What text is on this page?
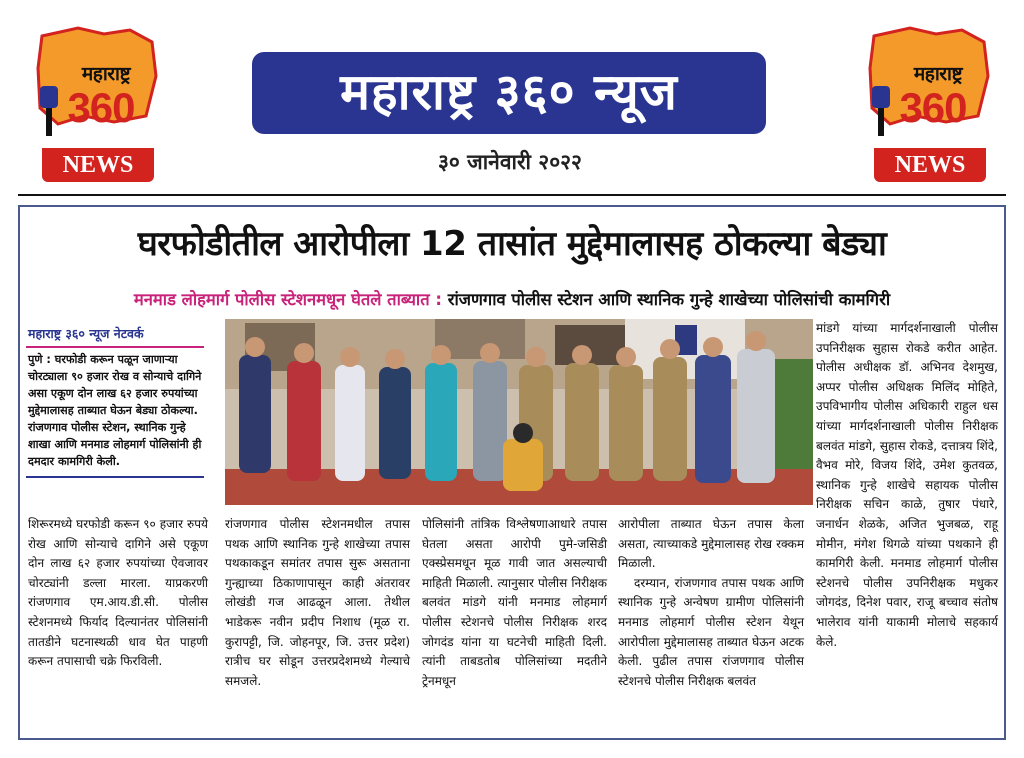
महाराष्ट्र
360
NEWS
महाराष्ट्र
360
NEWS
महाराष्ट्र ३६० न्यूज
३० जानेवारी २०२२
घरफोडीतील आरोपीला 12 तासांत मुद्देमालासह ठोकल्या बेड्या
मनमाड लोहमार्ग पोलीस स्टेशनमधून घेतले ताब्यात : रांजणगाव पोलीस स्टेशन आणि स्थानिक गुन्हे शाखेच्या पोलिसांची कामगिरी
महाराष्ट्र ३६० न्यूज नेटवर्क
पुणे : घरफोडी करून पळून जाणाऱ्या चोरट्याला ९० हजार रोख व सोन्याचे दागिने असा एकूण दोन लाख ६२ हजार रुपयांच्या मुद्देमालासह ताब्यात घेऊन बेड्या ठोकल्या. रांजणगाव पोलीस स्टेशन, स्थानिक गुन्हे शाखा आणि मनमाड लोहमार्ग पोलिसांनी ही दमदार कामगिरी केली.

शिरूरमध्ये घरफोडी करून ९० हजार रुपये रोख आणि सोन्याचे दागिने असे एकूण दोन लाख ६२ हजार रुपयांच्या ऐवजावर चोरट्यांनी डल्ला मारला. याप्रकरणी रांजणगाव एम.आय.डी.सी. पोलीस स्टेशनमध्ये फिर्याद दिल्यानंतर पोलिसांनी तातडीने घटनास्थळी धाव घेत पाहणी करून तपासाची चक्रे फिरविली.

रांजणगाव पोलीस स्टेशनमधील तपास पथक आणि स्थानिक गुन्हे शाखेच्या तपास पथकाकडून समांतर तपास सुरू असताना गुन्ह्याच्या ठिकाणापासून काही अंतरावर लोखंडी गज आढळून आला. तेथील भाडेकरू नवीन प्रदीप निशाध (मूळ रा. कुरापट्टी, जि. जोहनपूर, जि. उत्तर प्रदेश) रात्रीच घर सोडून उत्तरप्रदेशमध्ये गेल्याचे समजले.

पोलिसांनी तांत्रिक विश्लेषणाआधारे तपास घेतला असता आरोपी पुमे-जसिडी एक्स्प्रेसमधून मूळ गावी जात असल्याची माहिती मिळाली. त्यानुसार पोलीस निरीक्षक बलवंत मांडगे यांनी मनमाड लोहमार्ग पोलीस स्टेशनचे पोलीस निरीक्षक शरद जोगदंड यांना या घटनेची माहिती दिली. त्यांनी ताबडतोब पोलिसांच्या मदतीने ट्रेनमधून

आरोपीला ताब्यात घेऊन तपास केला असता, त्याच्याकडे मुद्देमालासह रोख रक्कम मिळाली.

दरम्यान, रांजणगाव तपास पथक आणि स्थानिक गुन्हे अन्वेषण ग्रामीण पोलिसांनी मनमाड लोहमार्ग पोलीस स्टेशन येथून आरोपीला मुद्देमालासह ताब्यात घेऊन अटक केली. पुढील तपास रांजणगाव पोलीस स्टेशनचे पोलीस निरीक्षक बलवंत

मांडगे यांच्या मार्गदर्शनाखाली पोलीस उपनिरीक्षक सुहास रोकडे करीत आहेत. पोलीस अधीक्षक डॉ. अभिनव देशमुख, अप्पर पोलीस अधिक्षक मिलिंद मोहिते, उपविभागीय पोलीस अधिकारी राहुल धस यांच्या मार्गदर्शनाखाली पोलीस निरीक्षक बलवंत मांडगे, सुहास रोकडे, दत्तात्रय शिंदे, वैभव मोरे, विजय शिंदे, उमेश कुतवळ, स्थानिक गुन्हे शाखेचे सहायक पोलीस निरीक्षक सचिन काळे, तुषार पंधारे, जनार्धन शेळके, अजित भुजबळ, राहू मोमीन, मंगेश थिगळे यांच्या पथकाने ही कामगिरी केली. मनमाड लोहमार्ग पोलीस स्टेशनचे पोलीस उपनिरीक्षक मधुकर जोगदंड, दिनेश पवार, राजू बच्चाव संतोष भालेराव यांनी याकामी मोलाचे सहकार्य केले.
